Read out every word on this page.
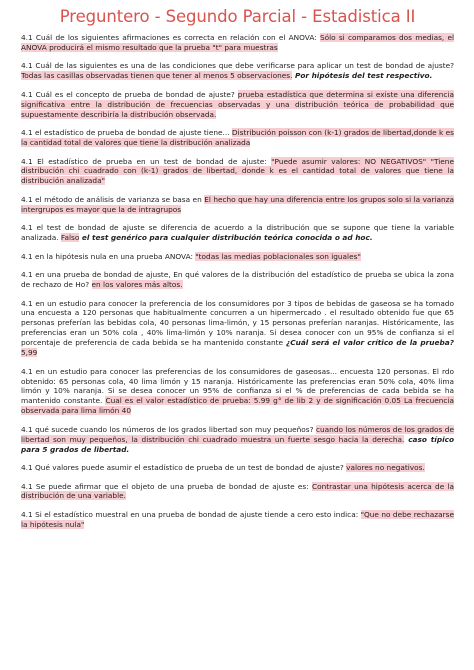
Preguntero - Segundo Parcial - Estadistica II
4.1 Cuál de los siguientes afirmaciones es correcta en relación con el ANOVA: Sólo si comparamos dos medias, el ANOVA producirá el mismo resultado que la prueba "t" para muestras
4.1 Cuál de las siguientes es una de las condiciones que debe verificarse para aplicar un test de bondad de ajuste? Todas las casillas observadas tienen que tener al menos 5 observaciones. Por hipótesis del test respectivo.
4.1 Cuál es el concepto de prueba de bondad de ajuste? prueba estadística que determina si existe una diferencia significativa entre la distribución de frecuencias observadas y una distribución teórica de probabilidad que supuestamente describiría la distribución observada.
4.1 el estadístico de prueba de bondad de ajuste tiene... Distribución poisson con (k-1) grados de libertad,donde k es la cantidad total de valores que tiene la distribución analizada
4.1 El estadístico de prueba en un test de bondad de ajuste: "Puede asumir valores: NO NEGATIVOS" "Tiene distribución chi cuadrado con (k-1) grados de libertad, donde k es el cantidad total de valores que tiene la distribución analizada"
4.1 el método de análisis de varianza se basa en El hecho que hay una diferencia entre los grupos solo si la varianza intergrupos es mayor que la de intragrupos
4.1 el test de bondad de ajuste se diferencia de acuerdo a la distribución que se supone que tiene la variable analizada. Falso el test genérico para cualquier distribución teórica conocida o ad hoc.
4.1 en la hipótesis nula en una prueba ANOVA: "todas las medias poblacionales son iguales"
4.1 en una prueba de bondad de ajuste, En qué valores de la distribución del estadístico de prueba se ubica la zona de rechazo de Ho? en los valores más altos.
4.1 en un estudio para conocer la preferencia de los consumidores por 3 tipos de bebidas de gaseosa se ha tomado una encuesta a 120 personas que habitualmente concurren a un hipermercado . el resultado obtenido fue que 65 personas preferían las bebidas cola, 40 personas lima-limón, y 15 personas preferían naranjas. Históricamente, las preferencias eran un 50% cola , 40% lima-limón y 10% naranja. Si desea conocer con un 95% de confianza si el porcentaje de preferencia de cada bebida se ha mantenido constante ¿Cuál será el valor crítico de la prueba? 5,99
4.1 en un estudio para conocer las preferencias de los consumidores de gaseosas... encuesta 120 personas. El rdo obtenido: 65 personas cola, 40 lima limón y 15 naranja. Históricamente las preferencias eran 50% cola, 40% lima limón y 10% naranja. Si se desea conocer un 95% de confianza si el % de preferencias de cada bebida se ha mantenido constante. Cual es el valor estadístico de prueba: 5.99 g° de lib 2 y de significación 0.05 La frecuencia observada para lima limón 40
4.1 qué sucede cuando los números de los grados libertad son muy pequeños? cuando los números de los grados de libertad son muy pequeños, la distribución chi cuadrado muestra un fuerte sesgo hacia la derecha. caso típico para 5 grados de libertad.
4.1 Qué valores puede asumir el estadístico de prueba de un test de bondad de ajuste? valores no negativos.
4.1 Se puede afirmar que el objeto de una prueba de bondad de ajuste es: Contrastar una hipótesis acerca de la distribución de una variable.
4.1 Si el estadístico muestral en una prueba de bondad de ajuste tiende a cero esto indica: "Que no debe rechazarse la hipótesis nula"
